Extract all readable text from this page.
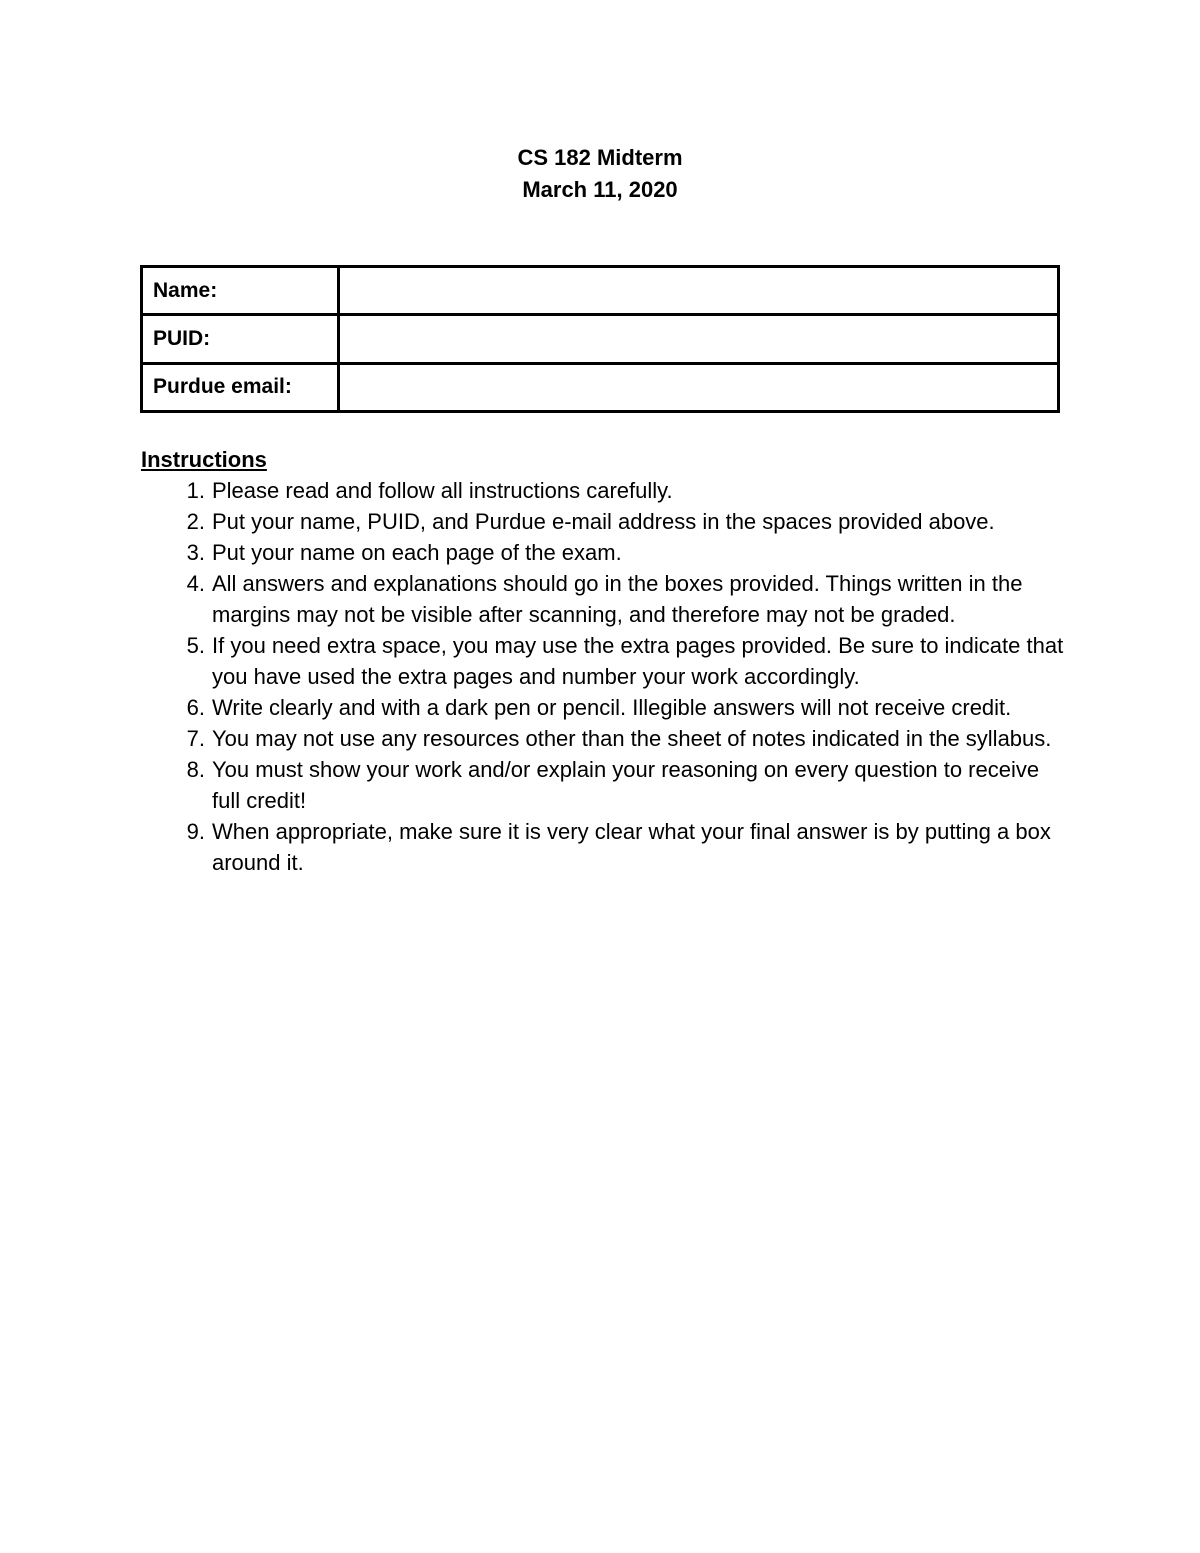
CS 182 Midterm
March 11, 2020
Name:	
PUID:	
Purdue email:	
Instructions
1. Please read and follow all instructions carefully.
2. Put your name, PUID, and Purdue e-mail address in the spaces provided above.
3. Put your name on each page of the exam.
4. All answers and explanations should go in the boxes provided. Things written in the margins may not be visible after scanning, and therefore may not be graded.
5. If you need extra space, you may use the extra pages provided. Be sure to indicate that you have used the extra pages and number your work accordingly.
6. Write clearly and with a dark pen or pencil. Illegible answers will not receive credit.
7. You may not use any resources other than the sheet of notes indicated in the syllabus.
8. You must show your work and/or explain your reasoning on every question to receive full credit!
9. When appropriate, make sure it is very clear what your final answer is by putting a box around it.
